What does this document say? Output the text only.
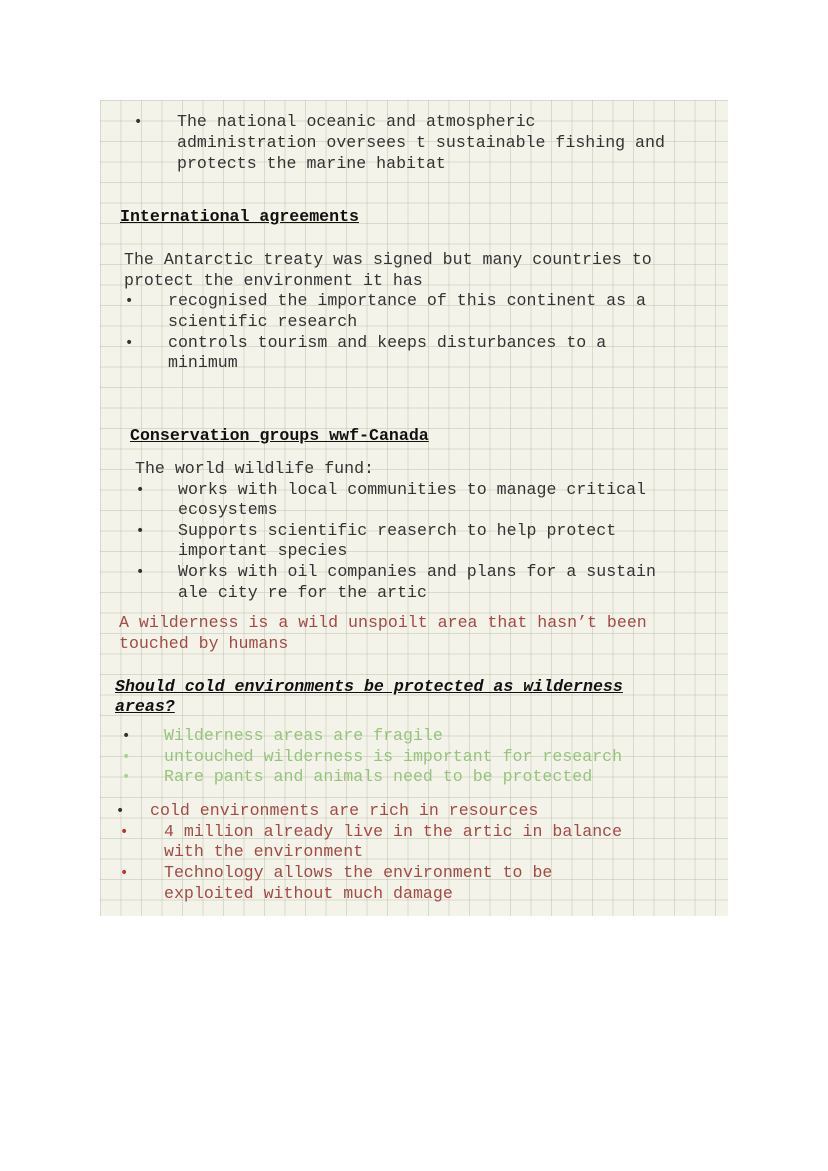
• The national oceanic and atmospheric
administration oversees t sustainable fishing and
protects the marine habitat
International agreements
The Antarctic treaty was signed but many countries to
protect the environment it has
• recognised the importance of this continent as a
scientific research
• controls tourism and keeps disturbances to a
minimum
Conservation groups wwf-Canada
The world wildlife fund:
• works with local communities to manage critical
ecosystems
• Supports scientific reaserch to help protect
important species
• Works with oil companies and plans for a sustain
ale city re for the artic
A wilderness is a wild unspoilt area that hasn’t been
touched by humans
Should cold environments be protected as wilderness
areas?
• Wilderness areas are fragile
• untouched wilderness is important for research
• Rare pants and animals need to be protected
• cold environments are rich in resources
• 4 million already live in the artic in balance
with the environment
• Technology allows the environment to be
exploited without much damage
